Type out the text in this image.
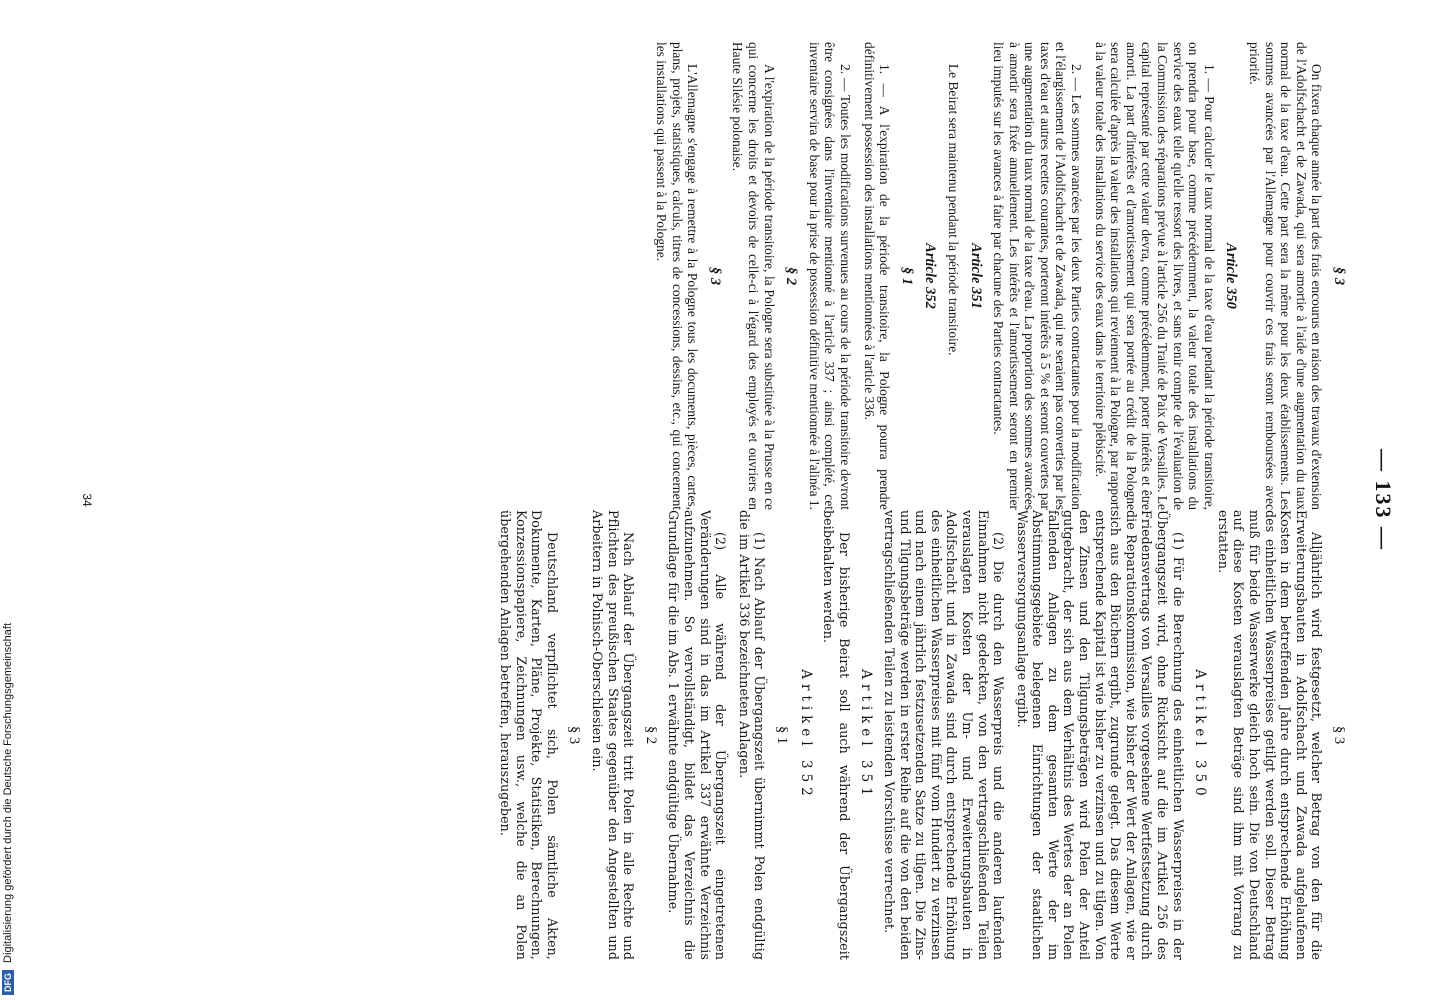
— 133 —
§ 3
On fixera chaque année la part des frais encourus en raison des travaux d'extension de l'Adolfschacht et de Zawada, qui sera amortie à l'aide d'une augmentation du taux normal de la taxe d'eau. Cette part sera la même pour les deux établissements. Les sommes avancées par l'Allemagne pour couvrir ces frais seront remboursées avec priorité.
Article 350
1. — Pour calculer le taux normal de la taxe d'eau pendant la période transitoire, on prendra pour base, comme précédemment, la valeur totale des installations du service des eaux telle qu'elle ressort des livres, et sans tenir compte de l'évaluation de la Commission des réparations prévue à l'article 256 du Traité de Paix de Versailles. Le capital représenté par cette valeur devra, comme précédemment, porter intérêts et être amorti. La part d'intérêts et d'amortissement qui sera portée au crédit de la Pologne sera calculée d'après la valeur des installations qui reviennent à la Pologne, par rapport à la valeur totale des installations du service des eaux dans le territoire plébiscité.
2. — Les sommes avancées par les deux Parties contractantes pour la modification et l'élargissement de l'Adolfschacht et de Zawada, qui ne seraient pas converties par les taxes d'eau et autres recettes courantes, porteront intérêts à 5 % et seront couvertes par une augmentation du taux normal de la taxe d'eau. La proportion des sommes avancées à amortir sera fixée annuellement. Les intérêts et l'amortissement seront en premier lieu imputés sur les avances à faire par chacune des Parties contractantes.
Article 351
Le Beirat sera maintenu pendant la période transitoire.
Article 352
§ 1
1. — A l'expiration de la période transitoire, la Pologne pourra prendre définitivement possession des installations mentionnées à l'article 336.
2. — Toutes les modifications survenues au cours de la période transitoire devront être consignées dans l'inventaire mentionné à l'article 337 ; ainsi complété, cet inventaire servira de base pour la prise de possession définitive mentionnée à l'alinéa 1.
§ 2
A l'expiration de la période transitoire, la Pologne sera substituée à la Prusse en ce qui concerne les droits et devoirs de celle-ci à l'égard des employés et ouvriers en Haute Silésie polonaise.
§ 3
L'Allemagne s'engage à remettre à la Pologne tous les documents, pièces, cartes, plans, projets, statistiques, calculs, titres de concessions, dessins, etc., qui concernent les installations qui passent à la Pologne.
§ 3
Alljährlich wird festgesetzt, welcher Betrag von den für die Erweiterungsbauten in Adolfschacht und Zawada aufgelaufenen Kosten in dem betreffenden Jahre durch entsprechende Erhöhung des einheitlichen Wasserpreises getilgt werden soll. Dieser Betrag muß für beide Wasserwerke gleich hoch sein. Die von Deutschland auf diese Kosten verauslagten Beträge sind ihm mit Vorrang zu erstatten.
Artikel 350
(1) Für die Berechnung des einheitlichen Wasserpreises in der Übergangszeit wird, ohne Rücksicht auf die im Artikel 256 des Friedensvertrags von Versailles vorgesehene Wertfestsetzung durch die Reparationskommission, wie bisher der Wert der Anlagen, wie er sich aus den Büchern ergibt, zugrunde gelegt. Das diesem Werte entsprechende Kapital ist wie bisher zu verzinsen und zu tilgen. Von den Zinsen und den Tilgungsbeträgen wird Polen der Anteil gutgebracht, der sich aus dem Verhältnis des Wertes der an Polen fallenden Anlagen zu dem gesamten Werte der im Abstimmungsgebiete belegenen Einrichtungen der staatlichen Wasserversorgungsanlage ergibt.
(2) Die durch den Wasserpreis und die anderen laufenden Einnahmen nicht gedeckten, von den vertragschließenden Teilen verauslagten Kosten der Um- und Erweiterungsbauten in Adolfschacht und in Zawada sind durch entsprechende Erhöhung des einheitlichen Wasserpreises mit fünf vom Hundert zu verzinsen und nach einem jährlich festzusetzenden Satze zu tilgen. Die Zins- und Tilgungsbeträge werden in erster Reihe auf die von den beiden vertragschließenden Teilen zu leistenden Vorschüsse verrechnet.
Artikel 351
Der bisherige Beirat soll auch während der Übergangszeit beibehalten werden.
Artikel 352
§ 1
(1) Nach Ablauf der Übergangszeit übernimmt Polen endgültig die im Artikel 336 bezeichneten Anlagen.
(2) Alle während der Übergangszeit eingetretenen Veränderungen sind in das im Artikel 337 erwähnte Verzeichnis aufzunehmen. So vervollständigt, bildet das Verzeichnis die Grundlage für die im Abs. 1 erwähnte endgültige Übernahme.
§ 2
Nach Ablauf der Übergangszeit tritt Polen in alle Rechte und Pflichten des preußischen Staates gegenüber den Angestellten und Arbeitern in Polnisch-Oberschlesien ein.
§ 3
Deutschland verpflichtet sich, Polen sämtliche Akten, Dokumente, Karten, Pläne, Projekte, Statistiken, Berechnungen, Konzessionspapiere, Zeichnungen usw., welche die an Polen übergehenden Anlagen betreffen, herauszugeben.
34
DFG Digitalisierung gefördert durch die Deutsche Forschungsgemeinschaft
